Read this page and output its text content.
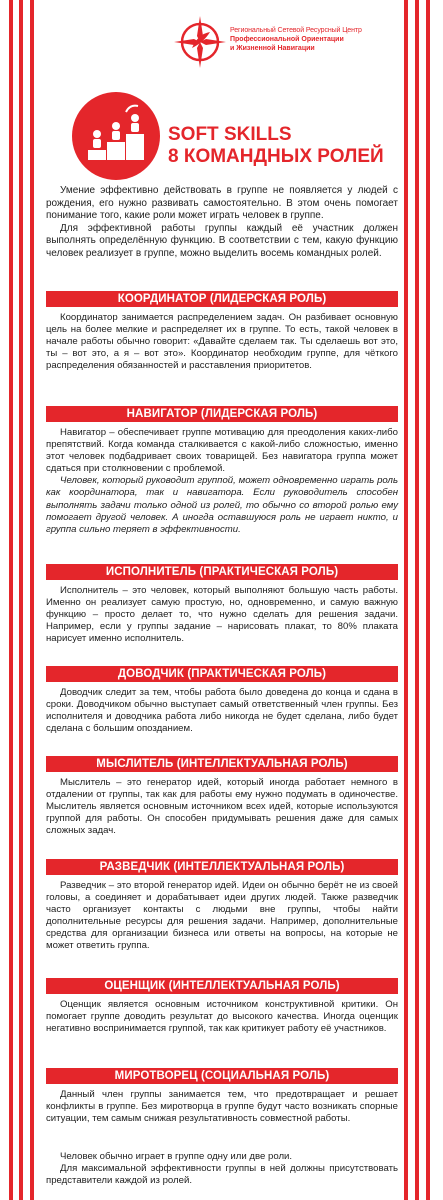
Региональный Сетевой Ресурсный Центр
Профессиональной Ориентации
и Жизненной Навигации
SOFT SKILLS
8 КОМАНДНЫХ РОЛЕЙ

Умение эффективно действовать в группе не появляется у людей с рождения, его нужно развивать самостоятельно. В этом очень помогает понимание того, какие роли может играть человек в группе.

Для эффективной работы группы каждый её участник должен выполнять определённую функцию. В соответствии с тем, какую функцию человек реализует в группе, можно выделить восемь командных ролей.

КООРДИНАТОР (ЛИДЕРСКАЯ РОЛЬ)

Координатор занимается распределением задач. Он разбивает основную цель на более мелкие и распределяет их в группе. То есть, такой человек в начале работы обычно говорит: «Давайте сделаем так. Ты сделаешь вот это, ты – вот это, а я – вот это». Координатор необходим группе, для чёткого распределения обязанностей и расставления приоритетов.

НАВИГАТОР (ЛИДЕРСКАЯ РОЛЬ)

Навигатор – обеспечивает группе мотивацию для преодоления каких-либо препятствий. Когда команда сталкивается с какой-либо сложностью, именно этот человек подбадривает своих товарищей. Без навигатора группа может сдаться при столкновении с проблемой.

Человек, который руководит группой, может одновременно играть роль как координатора, так и навигатора. Если руководитель способен выполнять задачи только одной из ролей, то обычно со второй ролью ему помогает другой человек. А иногда оставшуюся роль не играет никто, и группа сильно теряет в эффективности.

ИСПОЛНИТЕЛЬ (ПРАКТИЧЕСКАЯ РОЛЬ)

Исполнитель – это человек, который выполняют большую часть работы. Именно он реализует самую простую, но, одновременно, и самую важную функцию – просто делает то, что нужно сделать для решения задачи. Например, если у группы задание – нарисовать плакат, то 80% плаката нарисует именно исполнитель.

ДОВОДЧИК (ПРАКТИЧЕСКАЯ РОЛЬ)

Доводчик следит за тем, чтобы работа было доведена до конца и сдана в сроки. Доводчиком обычно выступает самый ответственный член группы. Без исполнителя и доводчика работа либо никогда не будет сделана, либо будет сделана с большим опозданием.

МЫСЛИТЕЛЬ (ИНТЕЛЛЕКТУАЛЬНАЯ РОЛЬ)

Мыслитель – это генератор идей, который иногда работает немного в отдалении от группы, так как для работы ему нужно подумать в одиночестве. Мыслитель является основным источником всех идей, которые используются группой для работы. Он способен придумывать решения даже для самых сложных задач.

РАЗВЕДЧИК (ИНТЕЛЛЕКТУАЛЬНАЯ РОЛЬ)

Разведчик – это второй генератор идей. Идеи он обычно берёт не из своей головы, а соединяет и дорабатывает идеи других людей. Также разведчик часто организует контакты с людьми вне группы, чтобы найти дополнительные ресурсы для решения задачи. Например, дополнительные средства для организации бизнеса или ответы на вопросы, на которые не может ответить группа.

ОЦЕНЩИК (ИНТЕЛЛЕКТУАЛЬНАЯ РОЛЬ)

Оценщик является основным источником конструктивной критики. Он помогает группе доводить результат до высокого качества. Иногда оценщик негативно воспринимается группой, так как критикует работу её участников.

МИРОТВОРЕЦ (СОЦИАЛЬНАЯ РОЛЬ)

Данный член группы занимается тем, что предотвращает и решает конфликты в группе. Без миротворца в группе будут часто возникать спорные ситуации, тем самым снижая результативность совместной работы.

Человек обычно играет в группе одну или две роли.

Для максимальной эффективности группы в ней должны присутствовать представители каждой из ролей.
